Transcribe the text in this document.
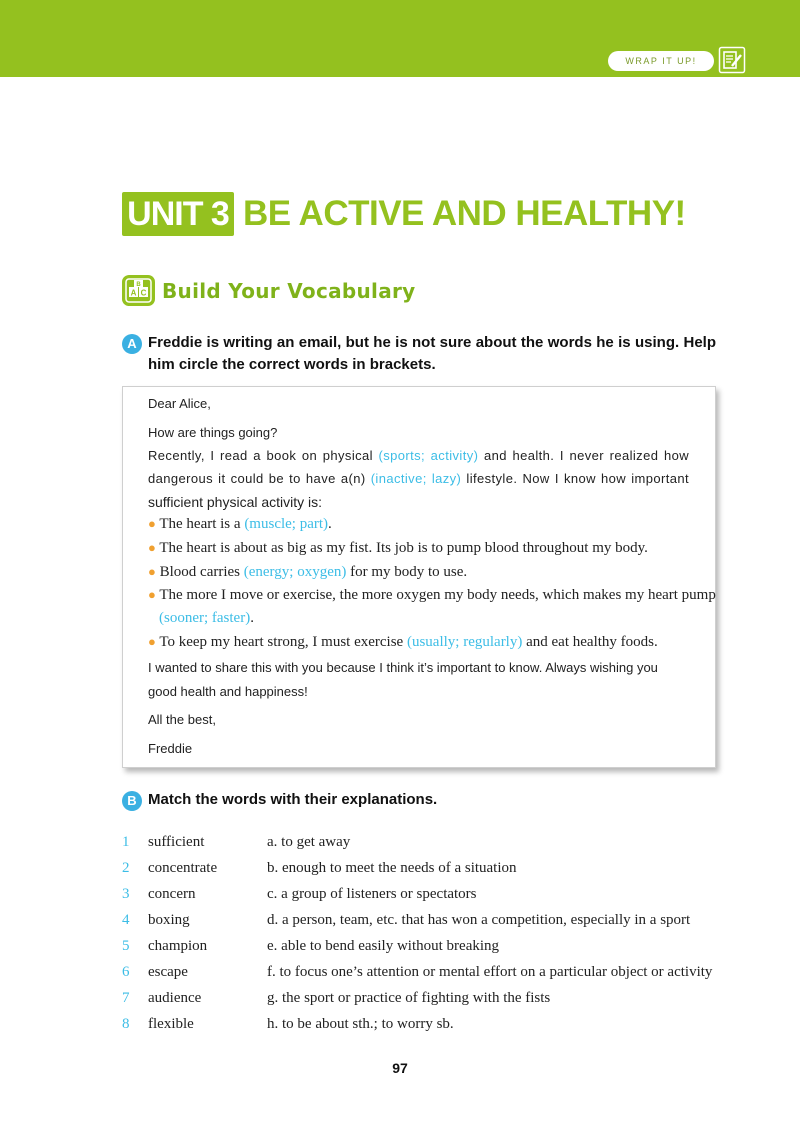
WRAP IT UP!
UNIT 3 BE ACTIVE AND HEALTHY!
A C
B Build Your Vocabulary
A Freddie is writing an email, but he is not sure about the words he is using. Help him circle the correct words in brackets.
Dear Alice,
How are things going?
Recently, I read a book on physical (sports; activity) and health. I never realized how
dangerous it could be to have a(n) (inactive; lazy) lifestyle. Now I know how important
sufficient physical activity is:
● The heart is a (muscle; part).
● The heart is about as big as my fist. Its job is to pump blood throughout my body.
● Blood carries (energy; oxygen) for my body to use.
● The more I move or exercise, the more oxygen my body needs, which makes my heart pump
(sooner; faster).
● To keep my heart strong, I must exercise (usually; regularly) and eat healthy foods.
I wanted to share this with you because I think it’s important to know. Always wishing you
good health and happiness!
All the best,
Freddie
B Match the words with their explanations.
1 sufficient	a. to get away
2 concentrate	b. enough to meet the needs of a situation
3 concern	c. a group of listeners or spectators
4 boxing	d. a person, team, etc. that has won a competition, especially in a sport
5 champion	e. able to bend easily without breaking
6 escape	f. to focus one’s attention or mental effort on a particular object or activity
7 audience	g. the sport or practice of fighting with the fists
8 flexible	h. to be about sth.; to worry sb.
97
